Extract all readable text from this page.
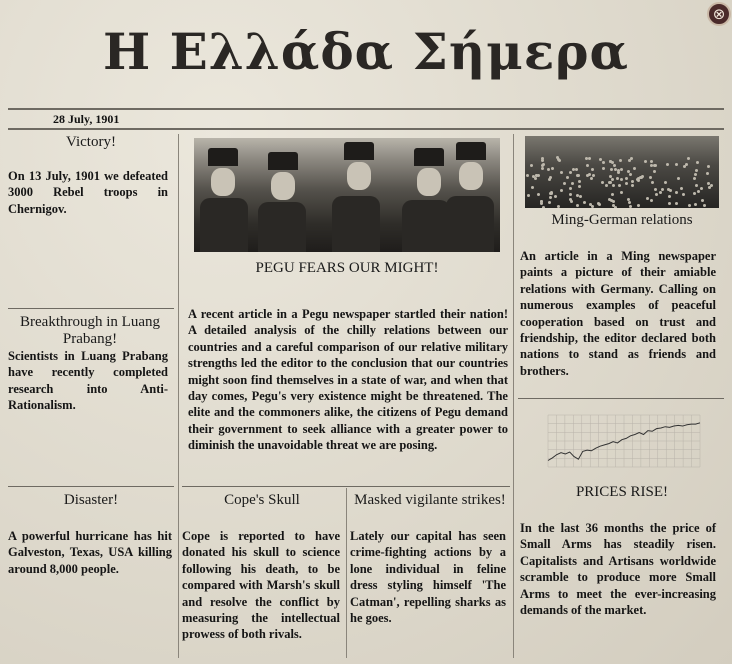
⊗
Η Ελλάδα Σήμερα
28 July, 1901
Victory!
On 13 July, 1901 we defeated 3000 Rebel troops in Chernigov.
Breakthrough in Luang Prabang!
Scientists in Luang Prabang have recently completed research into Anti-Rationalism.
Disaster!
A powerful hurricane has hit Galveston, Texas, USA killing around 8,000 people.
PEGU FEARS OUR MIGHT!
A recent article in a Pegu newspaper startled their nation! A detailed analysis of the chilly relations between our countries and a careful comparison of our relative military strengths led the editor to the conclusion that our countries might soon find themselves in a state of war, and when that day comes, Pegu's very existence might be threatened. The elite and the commoners alike, the citizens of Pegu demand their government to seek alliance with a greater power to diminish the unavoidable threat we are posing.
Cope's Skull
Cope is reported to have donated his skull to science following his death, to be compared with Marsh's skull and resolve the conflict by measuring the intellectual prowess of both rivals.
Masked vigilante strikes!
Lately our capital has seen crime-fighting actions by a lone individual in feline dress styling himself 'The Catman', repelling sharks as he goes.
Ming-German relations
An article in a Ming newspaper paints a picture of their amiable relations with Germany. Calling on numerous examples of peaceful cooperation based on trust and friendship, the editor declared both nations to stand as friends and brothers.
PRICES RISE!
In the last 36 months the price of Small Arms has steadily risen. Capitalists and Artisans worldwide scramble to produce more Small Arms to meet the ever-increasing demands of the market.
